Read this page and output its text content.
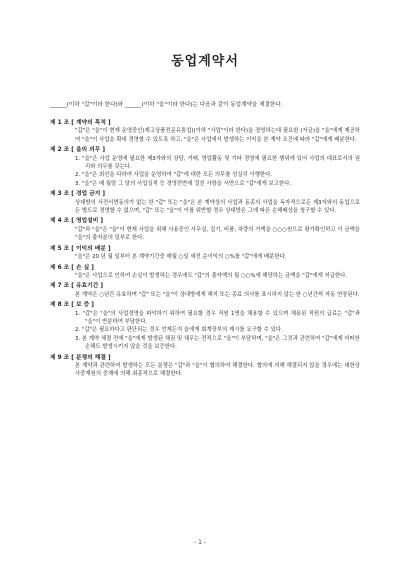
동업계약서
______(이하 "갑"이라 한다)와 ______(이하 "을"이라 한다)는 다음과 같이 동업계약을 체결한다.
제 1 조 [ 계약의 목적 ]
"갑"은 "을"이 현재 운영중인(재고상품전문유통업)(이하 "사업"이라 한다)을 경영하는데 필요한 (자금)을 "을"에게 제공하여 "을"이 사업을 확대 경영할 수 있도록 하고, "을"은 사업에서 발생하는 이익을 본 계약 조건에 따라 "갑"에게 배분한다.
제 2 조 [ 을의 의무 ]
1. "을"은 사업 운영에 필요한 제3자와의 상담, 거래, 영업활동 및 기타 경영에 필요한 행위에 있어 사업의 대표로서의 권리와 의무를 갖는다.
2. "을"은 최선을 다하여 사업을 운영하여 "갑"에 대한 모든 의무를 성실히 이행한다.
3. "을"은 매 월말 그 달의 사업실적 등 경영전반에 걸친 사항을 서면으로 "갑"에게 보고한다.
제 3 조 [ 경업 금지 ]
상대방의 사전서면동의가 없는 한 "갑" 또는 "을"은 본 계약상의 사업과 동종의 사업을 독자적으로든 제3자와의 동업으로든 별도로 경영할 수 없으며, "갑" 또는 "을"이 이를 위반할 경우 상대방은 그에 따른 손해배상을 청구할 수 있다.
제 4 조 [ 영업설비 ]
"갑"과 "을"은 "을"이 현재 사업을 위해 사용중인 사무실, 집기, 비품, 차량의 가액을 ○○○원으로 평가확인하고 이 금액을 "을"의 출자분의 일부로 한다.
제 5 조 [ 이익의 배분 ]
"을"은 20 년 월 일부터 본 계약기간중 매월 ○일 세전 순이익의 ○%를 "갑"에게 배분한다.
제 6 조 [ 손 실 ]
"을"은 사업으로 인하여 손실이 발생하는 경우에도 "갑"의 출자액의 월 ○○%에 해당하는 금액을 "갑"에게 지급한다.
제 7 조 [ 유효기간 ]
본 계약은 ○년간 유효하며 "갑" 또는 "을"이 상대방에게 해지 또는 종료 의사를 표시하지 않는 한 ○년간씩 자동 연장된다.
제 8 조 [ 보 증 ]
1. "갑"은 "을"의 사업경영을 파악하기 위하여 필요할 경우 직원 1명을 채용할 수 있으며 채용된 직원의 급료는 "갑"과 "을"이 반분하여 부담한다.
2. "갑"은 필요하다고 판단되는 경우 언제든지 을에게 회계장부의 제시를 요구할 수 있다.
3. 본 계약 체결 전에 "을"에게 발생된 채권 및 채무는 전적으로 "을"이 부담하며, "을"은 그것과 관련하여 "갑"에게 어떠한 손해도 발생시키지 않을 것을 보증한다.
제 9 조 [ 분쟁의 해결 ]
본 계약과 관련하여 발생하는 모든 분쟁은 "갑"과 "을"이 협의하여 해결한다. 협의에 의해 해결되지 않을 경우에는 대한상사중재원의 중재에 의해 최종적으로 해결한다.
- 1 -
